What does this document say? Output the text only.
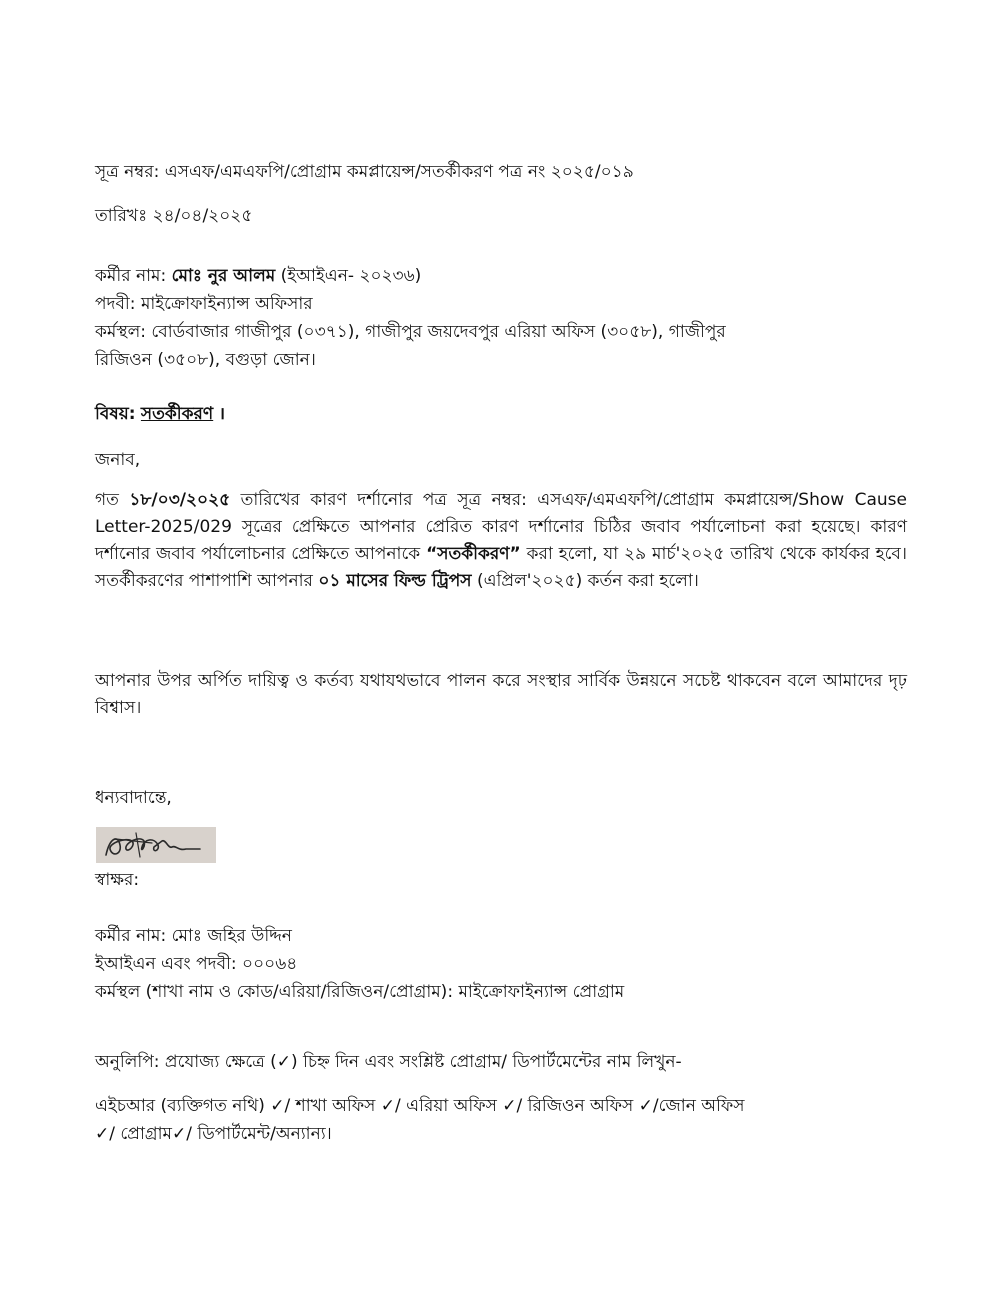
সূত্র নম্বর: এসএফ/এমএফপি/প্রোগ্রাম কমপ্লায়েন্স/সতর্কীকরণ পত্র নং ২০২৫/০১৯
তারিখঃ ২৪/০৪/২০২৫
কর্মীর নাম: মোঃ নুর আলম (ইআইএন- ২০২৩৬)
পদবী: মাইক্রোফাইন্যান্স অফিসার
কর্মস্থল: বোর্ডবাজার গাজীপুর (০৩৭১), গাজীপুর জয়দেবপুর এরিয়া অফিস (৩০৫৮), গাজীপুর
রিজিওন (৩৫০৮), বগুড়া জোন।
বিষয়: সতর্কীকরণ ।
জনাব,
গত ১৮/০৩/২০২৫ তারিখের কারণ দর্শানোর পত্র সূত্র নম্বর: এসএফ/এমএফপি/প্রোগ্রাম কমপ্লায়েন্স/Show Cause Letter-2025/029 সূত্রের প্রেক্ষিতে আপনার প্রেরিত কারণ দর্শানোর চিঠির জবাব পর্যালোচনা করা হয়েছে। কারণ দর্শানোর জবাব পর্যালোচনার প্রেক্ষিতে আপনাকে “সতর্কীকরণ” করা হলো, যা ২৯ মার্চ'২০২৫ তারিখ থেকে কার্যকর হবে। সতর্কীকরণের পাশাপাশি আপনার ০১ মাসের ফিল্ড ট্রিপস (এপ্রিল'২০২৫) কর্তন করা হলো।
আপনার উপর অর্পিত দায়িত্ব ও কর্তব্য যথাযথভাবে পালন করে সংস্থার সার্বিক উন্নয়নে সচেষ্ট থাকবেন বলে আমাদের দৃঢ় বিশ্বাস।
ধন্যবাদান্তে,
স্বাক্ষর:
কর্মীর নাম: মোঃ জহির উদ্দিন
ইআইএন এবং পদবী: ০০০৬৪
কর্মস্থল (শাখা নাম ও কোড/এরিয়া/রিজিওন/প্রোগ্রাম): মাইক্রোফাইন্যান্স প্রোগ্রাম
অনুলিপি: প্রযোজ্য ক্ষেত্রে (✓) চিহ্ন দিন এবং সংশ্লিষ্ট প্রোগ্রাম/ ডিপার্টমেন্টের নাম লিখুন-
এইচআর (ব্যক্তিগত নথি) ✓/ শাখা অফিস ✓/ এরিয়া অফিস ✓/ রিজিওন অফিস ✓/জোন অফিস
✓/ প্রোগ্রাম✓/ ডিপার্টমেন্ট/অন্যান্য।
